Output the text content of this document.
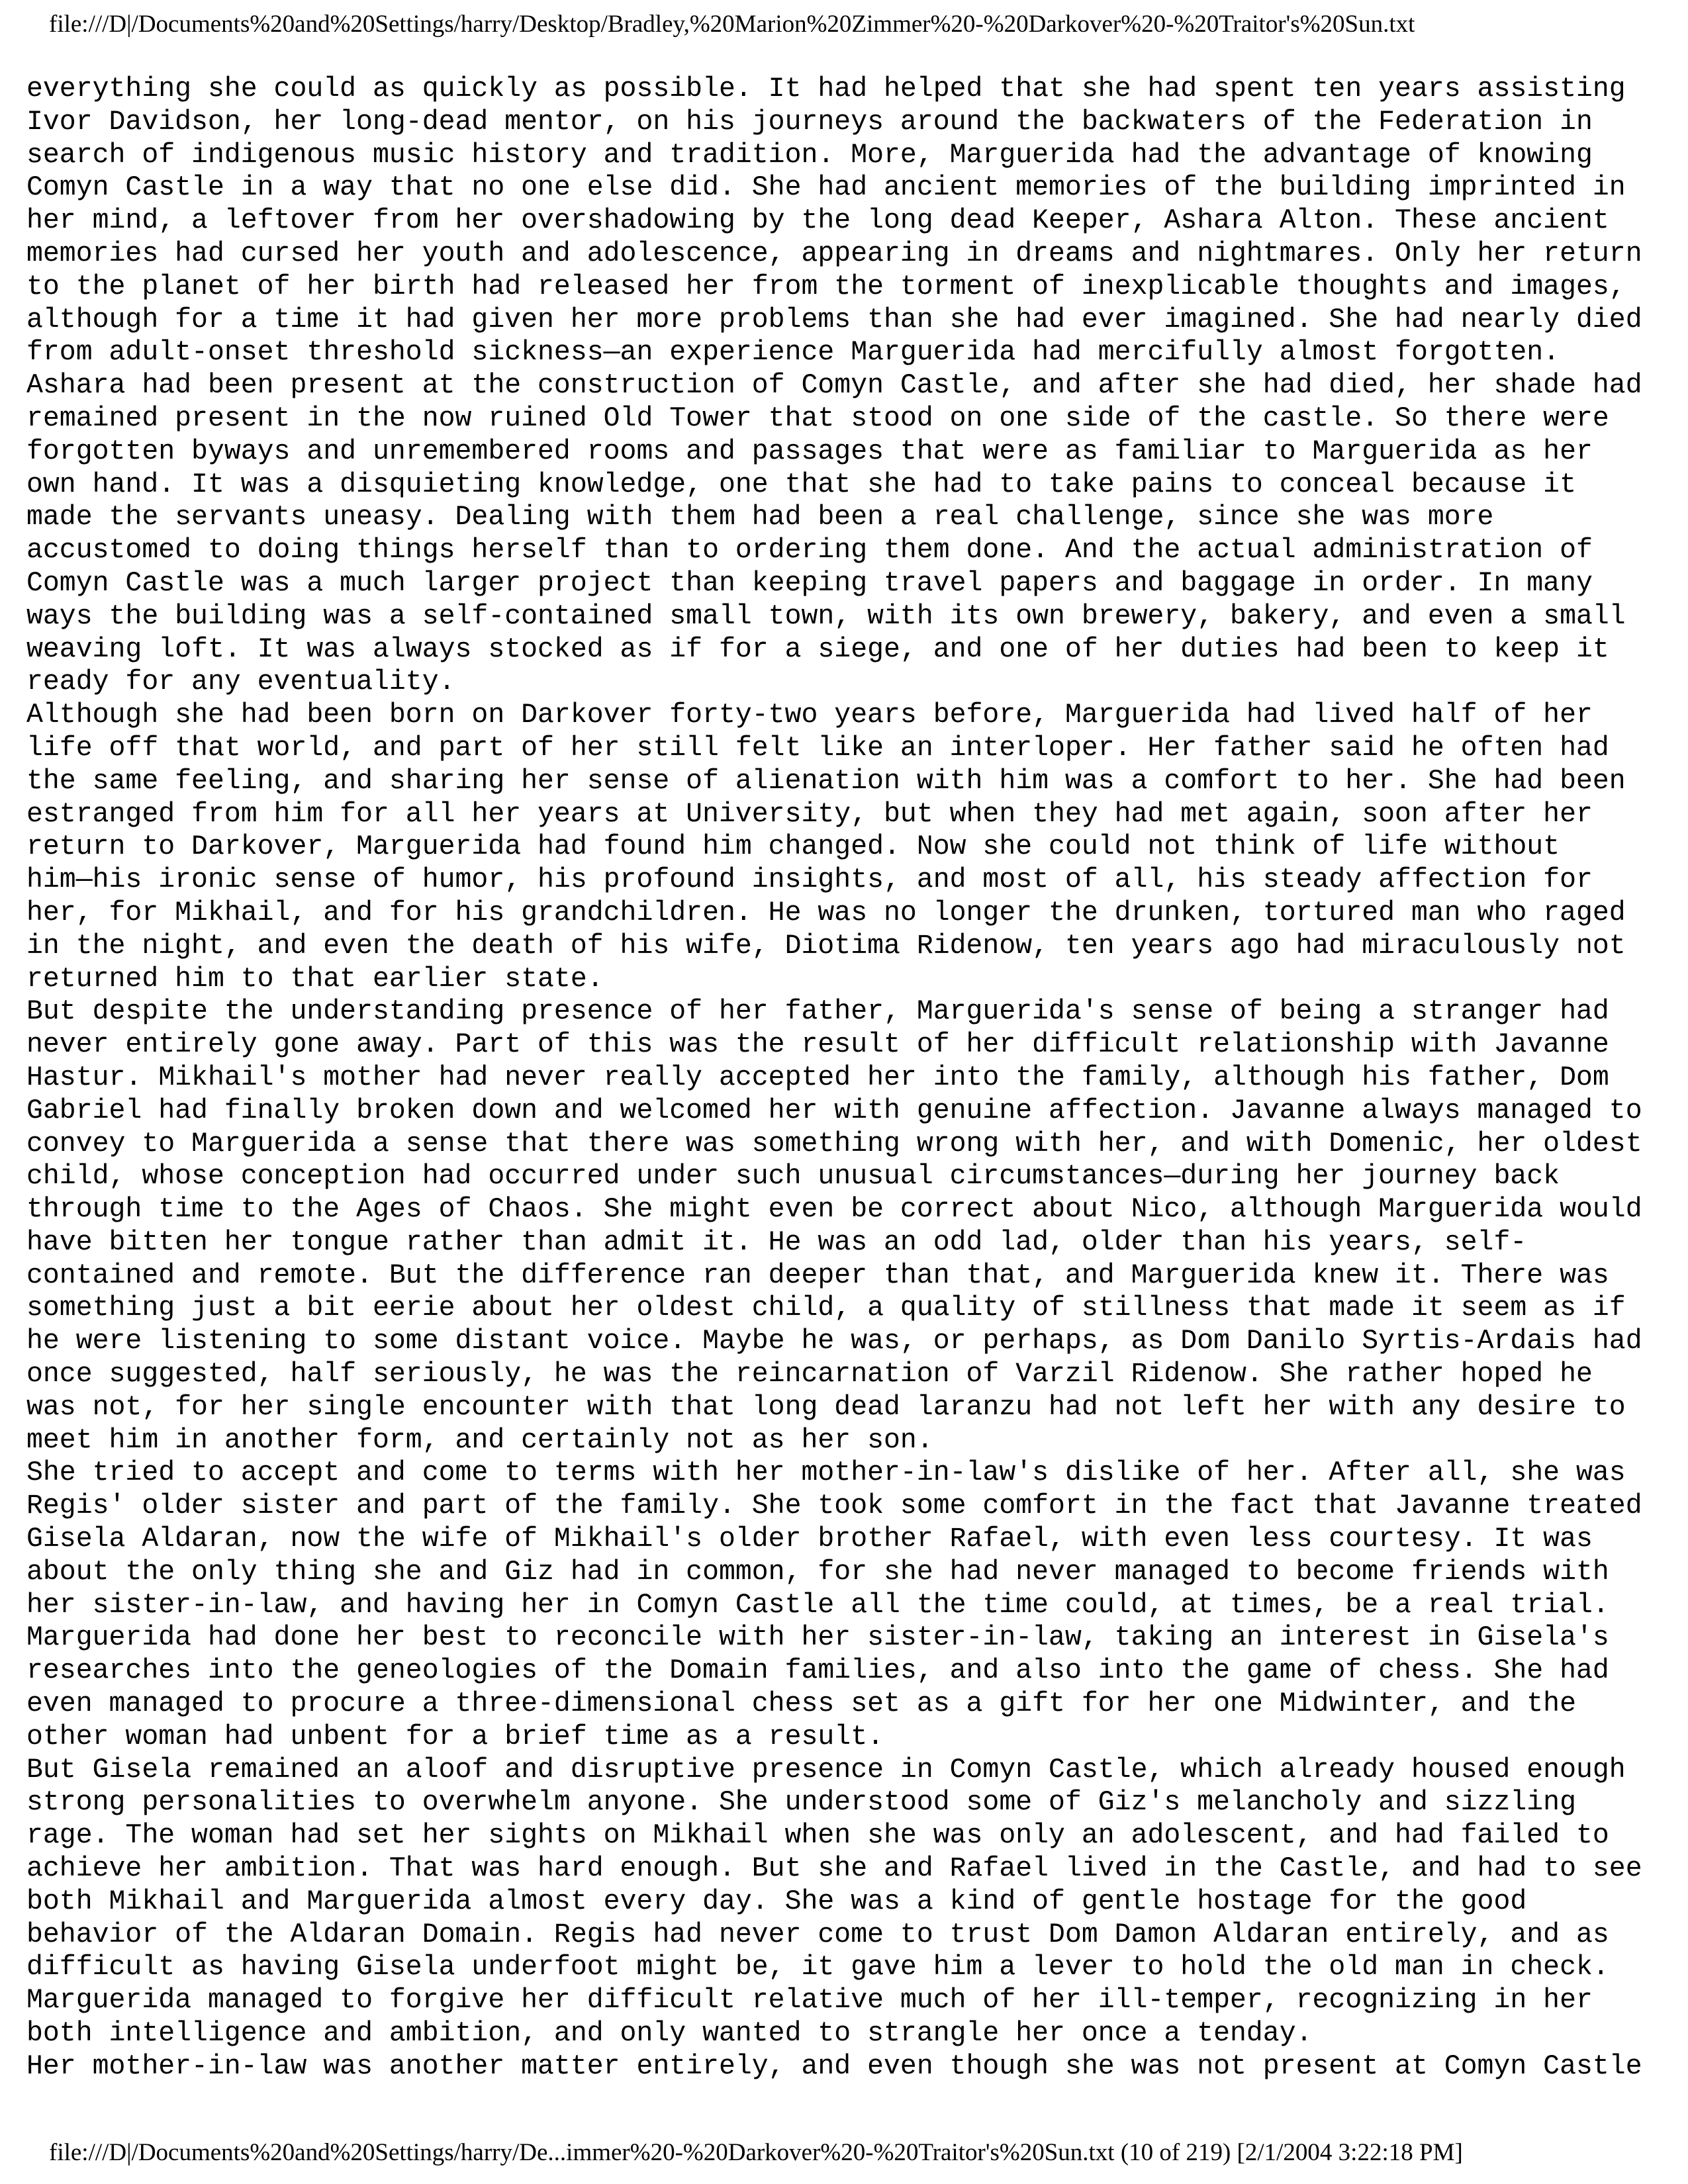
file:///D|/Documents%20and%20Settings/harry/Desktop/Bradley,%20Marion%20Zimmer%20-%20Darkover%20-%20Traitor's%20Sun.txt
everything she could as quickly as possible. It had helped that she had spent ten years assisting
Ivor Davidson, her long-dead mentor, on his journeys around the backwaters of the Federation in
search of indigenous music history and tradition. More, Marguerida had the advantage of knowing
Comyn Castle in a way that no one else did. She had ancient memories of the building imprinted in
her mind, a leftover from her overshadowing by the long dead Keeper, Ashara Alton. These ancient
memories had cursed her youth and adolescence, appearing in dreams and nightmares. Only her return
to the planet of her birth had released her from the torment of inexplicable thoughts and images,
although for a time it had given her more problems than she had ever imagined. She had nearly died
from adult-onset threshold sickness—an experience Marguerida had mercifully almost forgotten.
Ashara had been present at the construction of Comyn Castle, and after she had died, her shade had
remained present in the now ruined Old Tower that stood on one side of the castle. So there were
forgotten byways and unremembered rooms and passages that were as familiar to Marguerida as her
own hand. It was a disquieting knowledge, one that she had to take pains to conceal because it
made the servants uneasy. Dealing with them had been a real challenge, since she was more
accustomed to doing things herself than to ordering them done. And the actual administration of
Comyn Castle was a much larger project than keeping travel papers and baggage in order. In many
ways the building was a self-contained small town, with its own brewery, bakery, and even a small
weaving loft. It was always stocked as if for a siege, and one of her duties had been to keep it
ready for any eventuality.
Although she had been born on Darkover forty-two years before, Marguerida had lived half of her
life off that world, and part of her still felt like an interloper. Her father said he often had
the same feeling, and sharing her sense of alienation with him was a comfort to her. She had been
estranged from him for all her years at University, but when they had met again, soon after her
return to Darkover, Marguerida had found him changed. Now she could not think of life without
him—his ironic sense of humor, his profound insights, and most of all, his steady affection for
her, for Mikhail, and for his grandchildren. He was no longer the drunken, tortured man who raged
in the night, and even the death of his wife, Diotima Ridenow, ten years ago had miraculously not
returned him to that earlier state.
But despite the understanding presence of her father, Marguerida's sense of being a stranger had
never entirely gone away. Part of this was the result of her difficult relationship with Javanne
Hastur. Mikhail's mother had never really accepted her into the family, although his father, Dom
Gabriel had finally broken down and welcomed her with genuine affection. Javanne always managed to
convey to Marguerida a sense that there was something wrong with her, and with Domenic, her oldest
child, whose conception had occurred under such unusual circumstances—during her journey back
through time to the Ages of Chaos. She might even be correct about Nico, although Marguerida would
have bitten her tongue rather than admit it. He was an odd lad, older than his years, self-
contained and remote. But the difference ran deeper than that, and Marguerida knew it. There was
something just a bit eerie about her oldest child, a quality of stillness that made it seem as if
he were listening to some distant voice. Maybe he was, or perhaps, as Dom Danilo Syrtis-Ardais had
once suggested, half seriously, he was the reincarnation of Varzil Ridenow. She rather hoped he
was not, for her single encounter with that long dead laranzu had not left her with any desire to
meet him in another form, and certainly not as her son.
She tried to accept and come to terms with her mother-in-law's dislike of her. After all, she was
Regis' older sister and part of the family. She took some comfort in the fact that Javanne treated
Gisela Aldaran, now the wife of Mikhail's older brother Rafael, with even less courtesy. It was
about the only thing she and Giz had in common, for she had never managed to become friends with
her sister-in-law, and having her in Comyn Castle all the time could, at times, be a real trial.
Marguerida had done her best to reconcile with her sister-in-law, taking an interest in Gisela's
researches into the geneologies of the Domain families, and also into the game of chess. She had
even managed to procure a three-dimensional chess set as a gift for her one Midwinter, and the
other woman had unbent for a brief time as a result.
But Gisela remained an aloof and disruptive presence in Comyn Castle, which already housed enough
strong personalities to overwhelm anyone. She understood some of Giz's melancholy and sizzling
rage. The woman had set her sights on Mikhail when she was only an adolescent, and had failed to
achieve her ambition. That was hard enough. But she and Rafael lived in the Castle, and had to see
both Mikhail and Marguerida almost every day. She was a kind of gentle hostage for the good
behavior of the Aldaran Domain. Regis had never come to trust Dom Damon Aldaran entirely, and as
difficult as having Gisela underfoot might be, it gave him a lever to hold the old man in check.
Marguerida managed to forgive her difficult relative much of her ill-temper, recognizing in her
both intelligence and ambition, and only wanted to strangle her once a tenday.
Her mother-in-law was another matter entirely, and even though she was not present at Comyn Castle
file:///D|/Documents%20and%20Settings/harry/De...immer%20-%20Darkover%20-%20Traitor's%20Sun.txt (10 of 219) [2/1/2004 3:22:18 PM]
